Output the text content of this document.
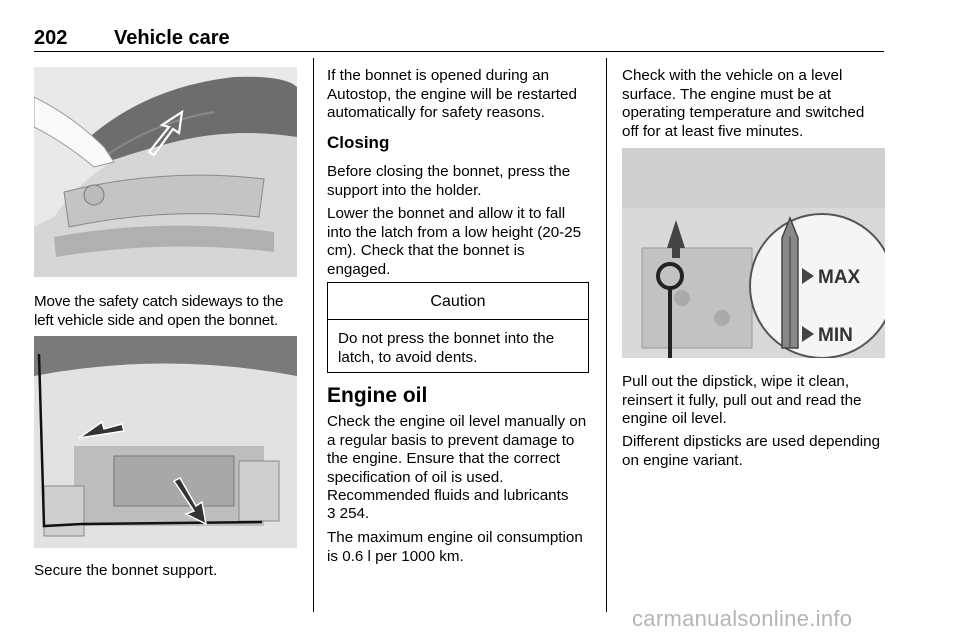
202 Vehicle care
Move the safety catch sideways to the left vehicle side and open the bonnet.
Secure the bonnet support.
If the bonnet is opened during an Autostop, the engine will be restarted automatically for safety reasons.
Closing
Before closing the bonnet, press the support into the holder.
Lower the bonnet and allow it to fall into the latch from a low height (20-25 cm). Check that the bonnet is engaged.
Caution
Do not press the bonnet into the latch, to avoid dents.
Engine oil
Check the engine oil level manually on a regular basis to prevent damage to the engine. Ensure that the correct specification of oil is used.
Recommended fluids and lubricants
3 254.
The maximum engine oil consumption is 0.6 l per 1000 km.
Check with the vehicle on a level surface. The engine must be at operating temperature and switched off for at least five minutes.
MAX
MIN
Pull out the dipstick, wipe it clean, reinsert it fully, pull out and read the engine oil level.
Different dipsticks are used depending on engine variant.
carmanualsonline.info
